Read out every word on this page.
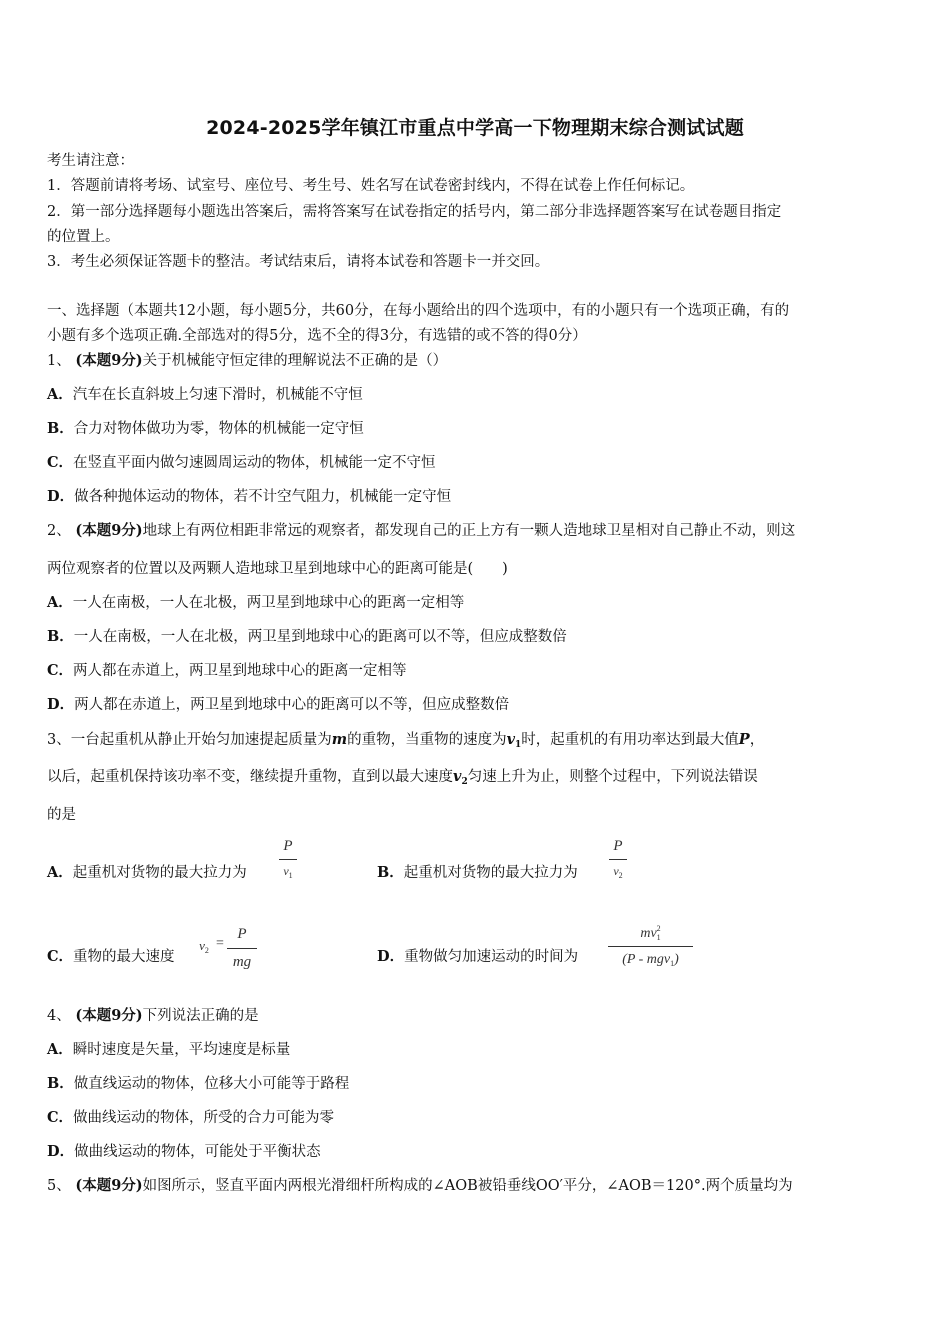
2024-2025学年镇江市重点中学高一下物理期末综合测试试题
考生请注意：
1．答题前请将考场、试室号、座位号、考生号、姓名写在试卷密封线内，不得在试卷上作任何标记。
2．第一部分选择题每小题选出答案后，需将答案写在试卷指定的括号内，第二部分非选择题答案写在试卷题目指定
的位置上。
3．考生必须保证答题卡的整洁。考试结束后，请将本试卷和答题卡一并交回。
一、选择题（本题共12小题，每小题5分，共60分，在每小题给出的四个选项中，有的小题只有一个选项正确，有的
小题有多个选项正确.全部选对的得5分，选不全的得3分，有选错的或不答的得0分）
1、 (本题9分)关于机械能守恒定律的理解说法不正确的是（）
A．汽车在长直斜坡上匀速下滑时，机械能不守恒
B．合力对物体做功为零，物体的机械能一定守恒
C．在竖直平面内做匀速圆周运动的物体，机械能一定不守恒
D．做各种抛体运动的物体，若不计空气阻力，机械能一定守恒
2、 (本题9分)地球上有两位相距非常远的观察者，都发现自己的正上方有一颗人造地球卫星相对自己静止不动，则这
两位观察者的位置以及两颗人造地球卫星到地球中心的距离可能是(　　)
A．一人在南极，一人在北极，两卫星到地球中心的距离一定相等
B．一人在南极，一人在北极，两卫星到地球中心的距离可以不等，但应成整数倍
C．两人都在赤道上，两卫星到地球中心的距离一定相等
D．两人都在赤道上，两卫星到地球中心的距离可以不等，但应成整数倍
3、一台起重机从静止开始匀加速提起质量为m的重物，当重物的速度为$v_1$时，起重机的有用功率达到最大值P，
以后，起重机保持该功率不变，继续提升重物，直到以最大速度$v_2$匀速上升为止，则整个过程中，下列说法错误
的是
A．起重机对货物的最大拉力为
P
$v_1$	B．起重机对货物的最大拉力为
P
$v_2$
C．重物的最大速度
$v_2$ =
P
mg	D．重物做匀加速运动的时间为
$mv^2_1$
(P - mgv$_1$)
4、 (本题9分)下列说法正确的是
A．瞬时速度是矢量，平均速度是标量
B．做直线运动的物体，位移大小可能等于路程
C．做曲线运动的物体，所受的合力可能为零
D．做曲线运动的物体，可能处于平衡状态
5、 (本题9分)如图所示，竖直平面内两根光滑细杆所构成的∠AOB被铅垂线OO′平分，∠AOB＝120°.两个质量均为
